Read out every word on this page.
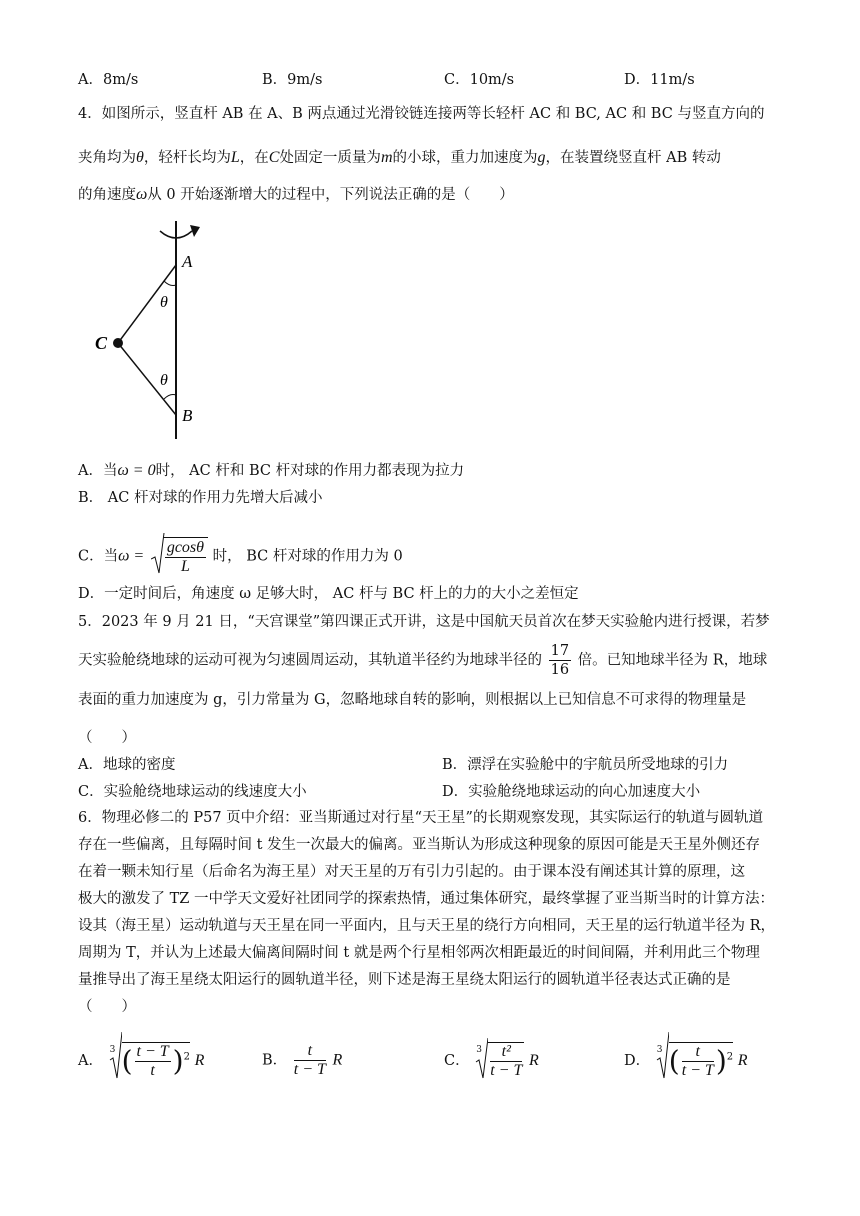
A．8m/s	B．9m/s	C．10m/s	D．11m/s
4．如图所示，竖直杆 AB 在 A、B 两点通过光滑铰链连接两等长轻杆 AC 和 BC, AC 和 BC 与竖直方向的
夹角均为θ，轻杆长均为L，在C处固定一质量为m的小球，重力加速度为g，在装置绕竖直杆 AB 转动
的角速度ω从 0 开始逐渐增大的过程中，下列说法正确的是（　　）
A
B
C
θ
θ
A．当ω = 0时， AC 杆和 BC 杆对球的作用力都表现为拉力
B． AC 杆对球的作用力先增大后减小
C．当$\omega = \frac{gcos\theta}{L}$ 时， BC 杆对球的作用力为 0
D．一定时间后，角速度 ω 足够大时， AC 杆与 BC 杆上的力的大小之差恒定
5．2023 年 9 月 21 日，“天宫课堂”第四课正式开讲，这是中国航天员首次在梦天实验舱内进行授课，若梦
天实验舱绕地球的运动可视为匀速圆周运动，其轨道半径约为地球半径的 $\frac{17}{16}$ 倍。已知地球半径为 R，地球
表面的重力加速度为 g，引力常量为 G，忽略地球自转的影响，则根据以上已知信息不可求得的物理量是
（　　）
A．地球的密度	B．漂浮在实验舱中的宇航员所受地球的引力
C．实验舱绕地球运动的线速度大小	D．实验舱绕地球运动的向心加速度大小
6．物理必修二的 P57 页中介绍：亚当斯通过对行星“天王星”的长期观察发现，其实际运行的轨道与圆轨道
存在一些偏离，且每隔时间 t 发生一次最大的偏离。亚当斯认为形成这种现象的原因可能是天王星外侧还存
在着一颗未知行星（后命名为海王星）对天王星的万有引力引起的。由于课本没有阐述其计算的原理，这
极大的激发了 TZ 一中学天文爱好社团同学的探索热情，通过集体研究，最终掌握了亚当斯当时的计算方法：
设其（海王星）运动轨道与天王星在同一平面内，且与天王星的绕行方向相同，天王星的运行轨道半径为 R，
周期为 T，并认为上述最大偏离间隔时间 t 就是两个行星相邻两次相距最近的时间间隔，并利用此三个物理
量推导出了海王星绕太阳运行的圆轨道半径，则下述是海王星绕太阳运行的圆轨道半径表达式正确的是
（　　）
A．
3 ( $\frac{t - T}{t} )^2$ R	B． $\frac{t}{t - T}$ R	C．
$3 \frac{\text{t²}}{t - T}$ R	D．
3 ( $\frac{t}{t - T} )^2$ R
